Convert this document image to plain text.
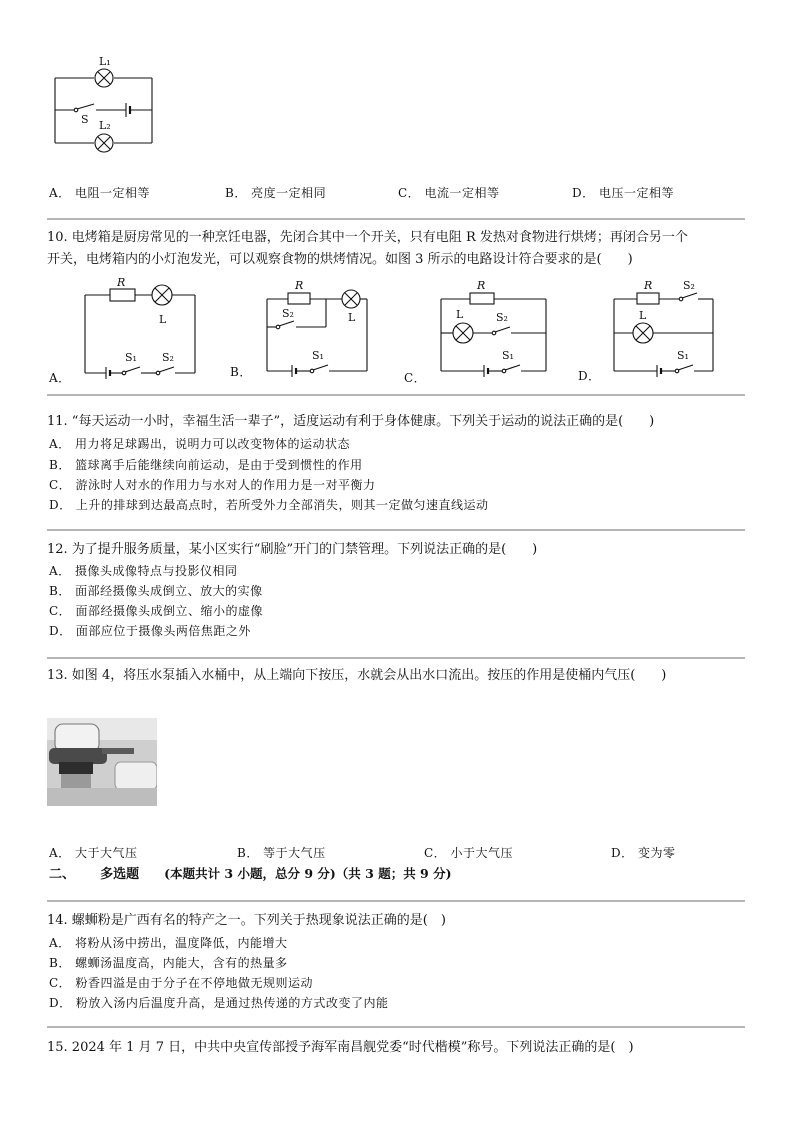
L₁
S L₂
A． 电阻一定相等	B． 亮度一定相同	C． 电流一定相等	D． 电压一定相等
10. 电烤箱是厨房常见的一种烹饪电器，先闭合其中一个开关，只有电阻 R 发热对食物进行烘烤；再闭合另一个
开关，电烤箱内的小灯泡发光，可以观察食物的烘烤情况。如图 3 所示的电路设计符合要求的是(　　)
R
L
S₁ S₂
A．
R
L
S₂
S₁
B．
R
L	S₂
S₁
C．
R	S₂
L
S₁
D．
11. “每天运动一小时，幸福生活一辈子”，适度运动有利于身体健康。下列关于运动的说法正确的是(　　)
A． 用力将足球踢出，说明力可以改变物体的运动状态
B． 篮球离手后能继续向前运动，是由于受到惯性的作用
C． 游泳时人对水的作用力与水对人的作用力是一对平衡力
D． 上升的排球到达最高点时，若所受外力全部消失，则其一定做匀速直线运动
12. 为了提升服务质量，某小区实行“刷脸”开门的门禁管理。下列说法正确的是(　　)
A． 摄像头成像特点与投影仪相同
B． 面部经摄像头成倒立、放大的实像
C． 面部经摄像头成倒立、缩小的虚像
D． 面部应位于摄像头两倍焦距之外
13. 如图 4，将压水泵插入水桶中，从上端向下按压，水就会从出水口流出。按压的作用是使桶内气压(　　)
A． 大于大气压	B． 等于大气压	C． 小于大气压	D． 变为零
二、 多选题 (本题共计 3 小题，总分 9 分)（共 3 题；共 9 分)
14. 螺蛳粉是广西有名的特产之一。下列关于热现象说法正确的是(　)
A． 将粉从汤中捞出，温度降低，内能增大
B． 螺蛳汤温度高，内能大，含有的热量多
C． 粉香四溢是由于分子在不停地做无规则运动
D． 粉放入汤内后温度升高，是通过热传递的方式改变了内能
15. 2024 年 1 月 7 日，中共中央宣传部授予海军南昌舰党委“时代楷模”称号。下列说法正确的是(　)
